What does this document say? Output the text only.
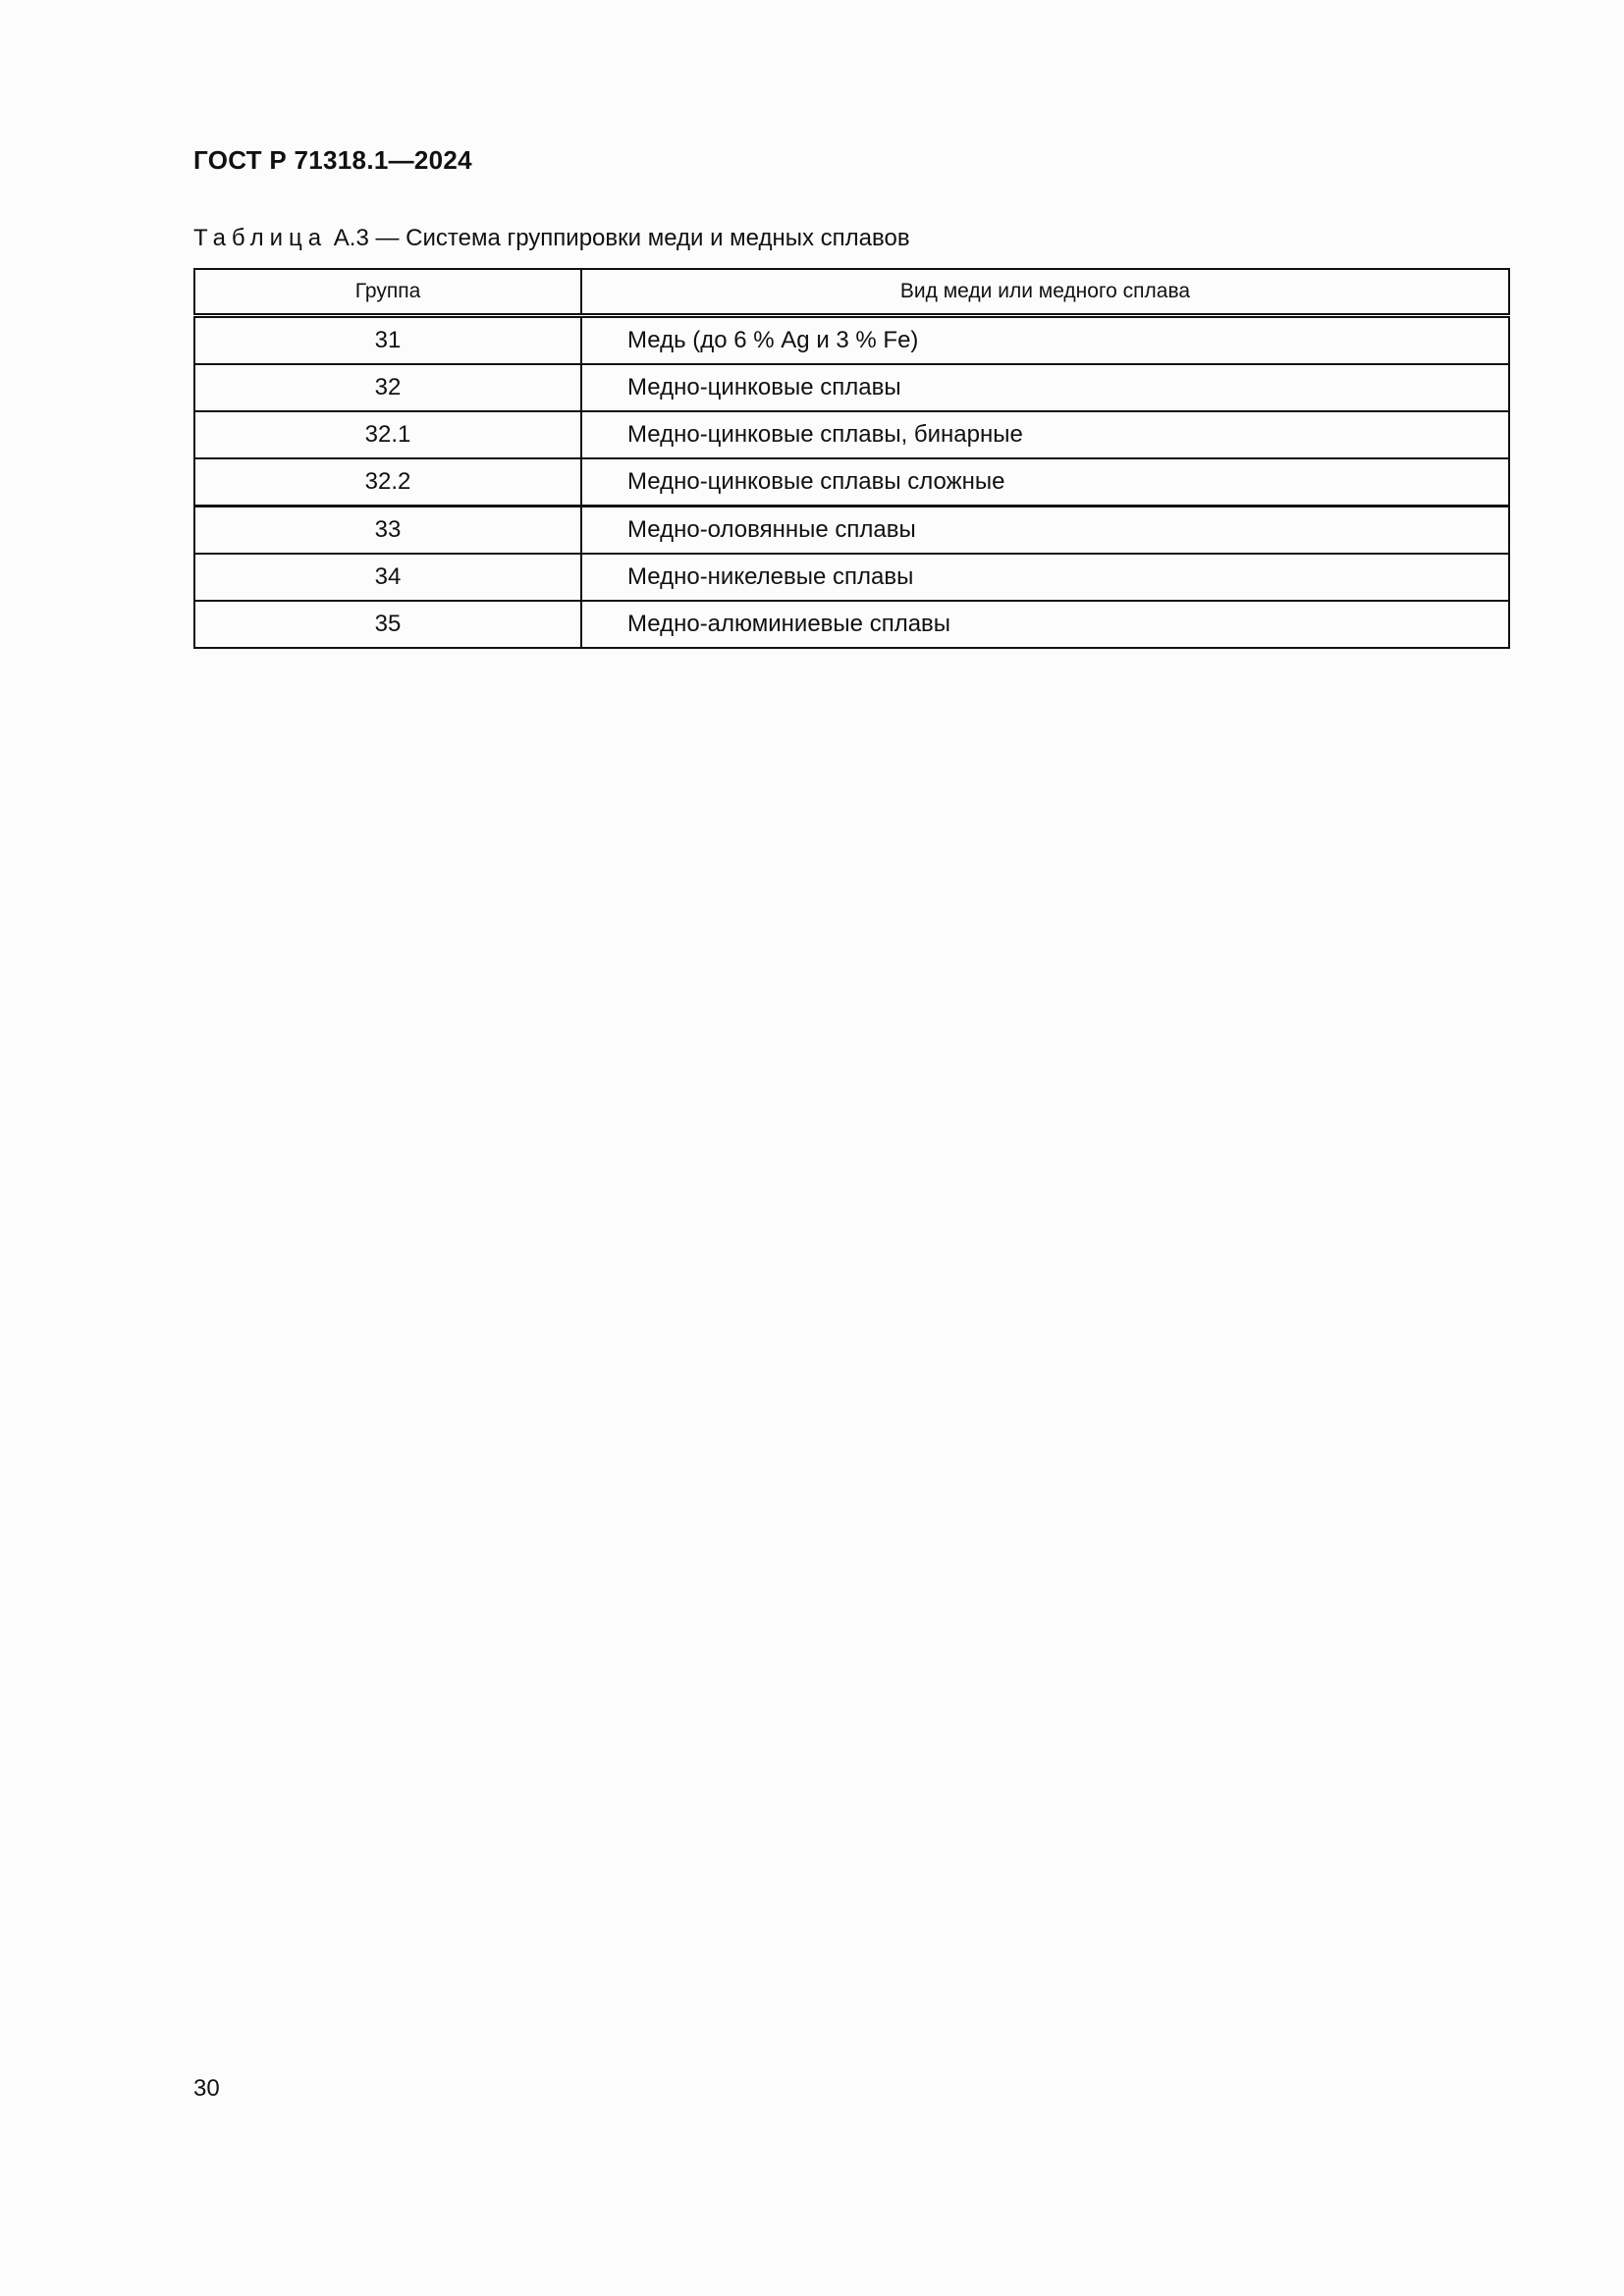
ГОСТ Р 71318.1—2024
Таблица А.3 — Система группировки меди и медных сплавов
Группа	Вид меди или медного сплава
31	Медь (до 6 % Ag и 3 % Fe)
32	Медно-цинковые сплавы
32.1	Медно-цинковые сплавы, бинарные
32.2	Медно-цинковые сплавы сложные
33	Медно-оловянные сплавы
34	Медно-никелевые сплавы
35	Медно-алюминиевые сплавы
30
